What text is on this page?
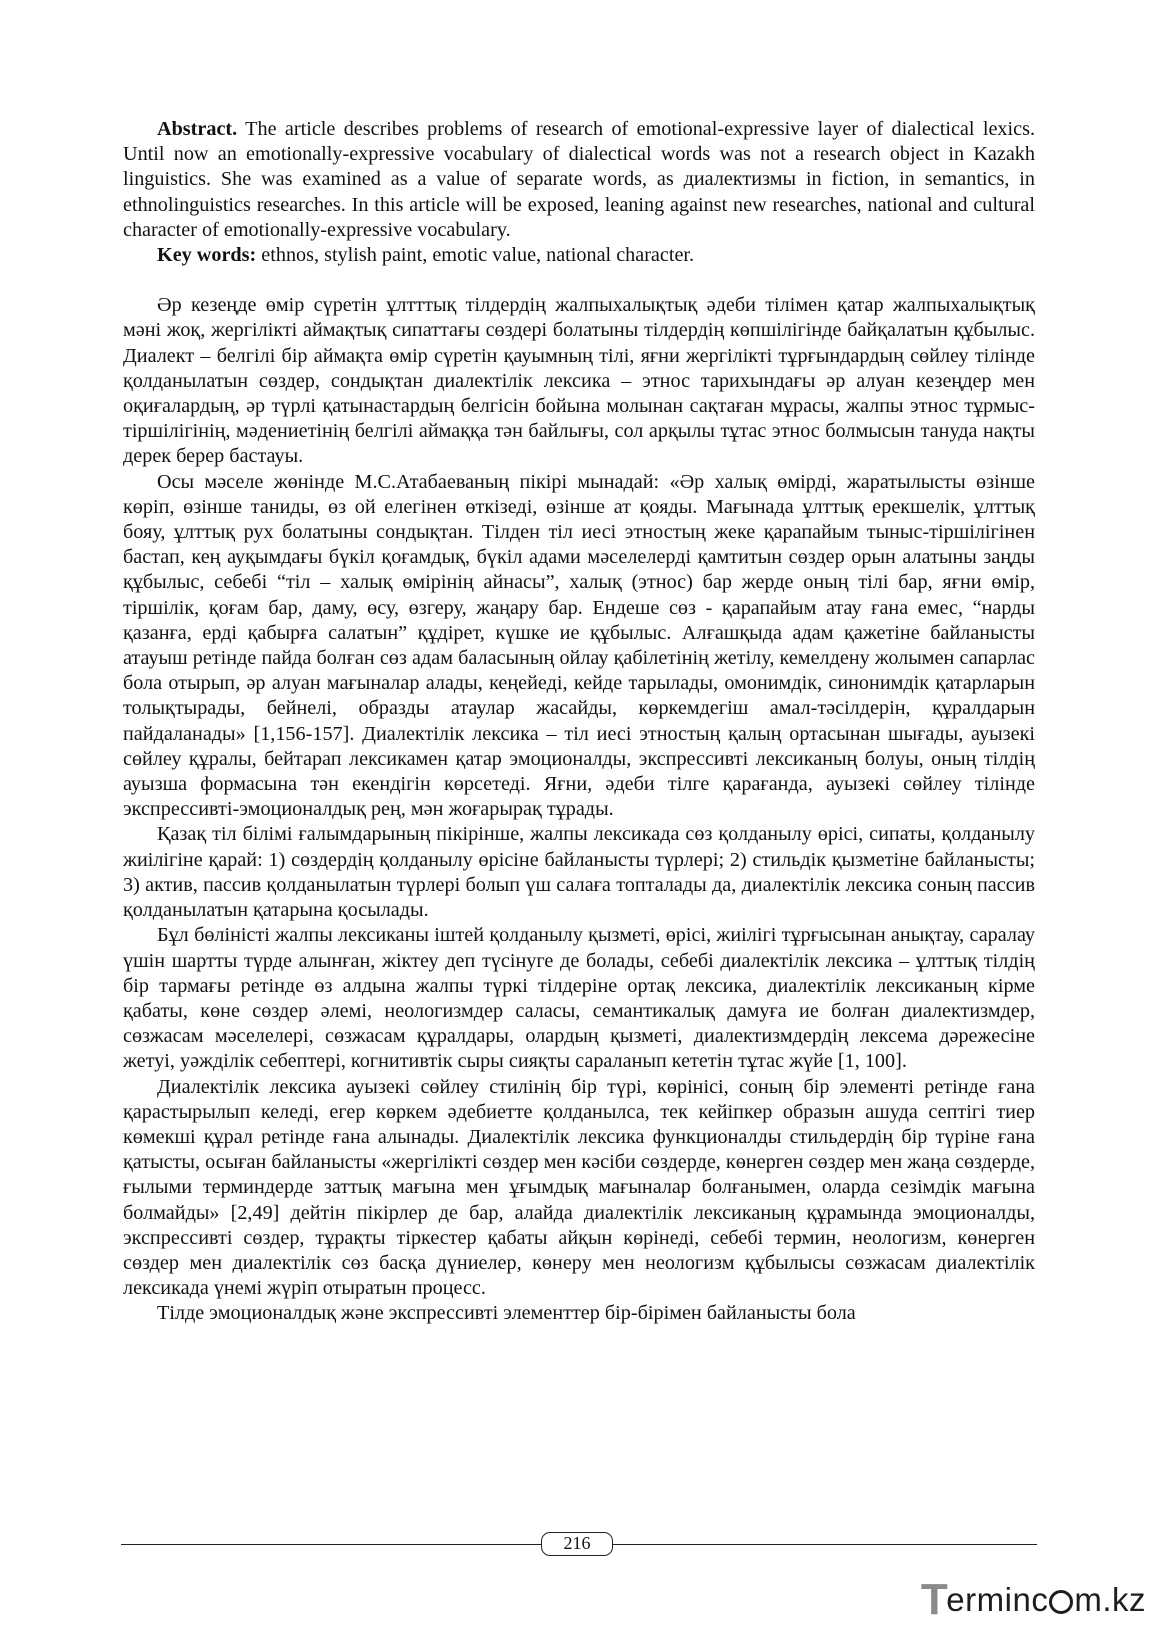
Abstract. The article describes problems of research of emotional-expressive layer of dialectical lexics. Until now an emotionally-expressive vocabulary of dialectical words was not a research object in Kazakh linguistics. She was examined as a value of separate words, as диалектизмы in fiction, in semantics, in ethnolinguistics researches. In this article will be exposed, leaning against new researches, national and cultural character of emotionally-expressive vocabulary.

Key words: ethnos, stylish paint, emotic value, national character.

Әр кезеңде өмір сүретін ұлтттық тілдердің жалпыхалықтық әдеби тілімен қатар жалпыхалықтық мәні жоқ, жергілікті аймақтық сипаттағы сөздері болатыны тілдердің көпшілігінде байқалатын құбылыс. Диалект – белгілі бір аймақта өмір сүретін қауымның тілі, яғни жергілікті тұрғындардың сөйлеу тілінде қолданылатын сөздер, сондықтан диалектілік лексика – этнос тарихындағы әр алуан кезеңдер мен оқиғалардың, әр түрлі қатынастардың белгісін бойына молынан сақтаған мұрасы, жалпы этнос тұрмыс-тіршілігінің, мәдениетінің белгілі аймаққа тән байлығы, сол арқылы тұтас этнос болмысын тануда нақты дерек берер бастауы.

Осы мәселе жөнінде М.С.Атабаеваның пікірі мынадай: «Әр халық өмірді, жаратылысты өзінше көріп, өзінше таниды, өз ой елегінен өткізеді, өзінше ат қояды. Мағынада ұлттық ерекшелік, ұлттық бояу, ұлттық рух болатыны сондықтан. Тілден тіл иесі этностың жеке қарапайым тыныс-тіршілігінен бастап, кең ауқымдағы бүкіл қоғамдық, бүкіл адами мәселелерді қамтитын сөздер орын алатыны заңды құбылыс, себебі “тіл – халық өмірінің айнасы”, халық (этнос) бар жерде оның тілі бар, яғни өмір, тіршілік, қоғам бар, даму, өсу, өзгеру, жаңару бар. Ендеше сөз - қарапайым атау ғана емес, “нарды қазанға, ерді қабырға салатын” құдірет, күшке ие құбылыс. Алғашқыда адам қажетіне байланысты атауыш ретінде пайда болған сөз адам баласының ойлау қабілетінің жетілу, кемелдену жолымен сапарлас бола отырып, әр алуан мағыналар алады, кеңейеді, кейде тарылады, омонимдік, синонимдік қатарларын толықтырады, бейнелі, образды атаулар жасайды, көркемдегіш амал-тәсілдерін, құралдарын пайдаланады» [1,156-157]. Диалектілік лексика – тіл иесі этностың қалың ортасынан шығады, ауызекі сөйлеу құралы, бейтарап лексикамен қатар эмоционалды, экспрессивті лексиканың болуы, оның тілдің ауызша формасына тән екендігін көрсетеді. Яғни, әдеби тілге қарағанда, ауызекі сөйлеу тілінде экспрессивті-эмоционалдық рең, мән жоғарырақ тұрады.

Қазақ тіл білімі ғалымдарының пікірінше, жалпы лексикада сөз қолданылу өрісі, сипаты, қолданылу жиілігіне қарай: 1) сөздердің қолданылу өрісіне байланысты түрлері; 2) стильдік қызметіне байланысты; 3) актив, пассив қолданылатын түрлері болып үш салаға топталады да, диалектілік лексика соның пассив қолданылатын қатарына қосылады.

Бұл бөліністі жалпы лексиканы іштей қолданылу қызметі, өрісі, жиілігі тұрғысынан анықтау, саралау үшін шартты түрде алынған, жіктеу деп түсінуге де болады, себебі диалектілік лексика – ұлттық тілдің бір тармағы ретінде өз алдына жалпы түркі тілдеріне ортақ лексика, диалектілік лексиканың кірме қабаты, көне сөздер әлемі, неологизмдер саласы, семантикалық дамуға ие болған диалектизмдер, сөзжасам мәселелері, сөзжасам құралдары, олардың қызметі, диалектизмдердің лексема дәрежесіне жетуі, уәжділік себептері, когнитивтік сыры сияқты сараланып кететін тұтас жүйе [1, 100].

Диалектілік лексика ауызекі сөйлеу стилінің бір түрі, көрінісі, соның бір элементі ретінде ғана қарастырылып келеді, егер көркем әдебиетте қолданылса, тек кейіпкер образын ашуда септігі тиер көмекші құрал ретінде ғана алынады. Диалектілік лексика функционалды стильдердің бір түріне ғана қатысты, осыған байланысты «жергілікті сөздер мен кәсіби сөздерде, көнерген сөздер мен жаңа сөздерде, ғылыми терминдерде заттық мағына мен ұғымдық мағыналар болғанымен, оларда сезімдік мағына болмайды» [2,49] дейтін пікірлер де бар, алайда диалектілік лексиканың құрамында эмоционалды, экспрессивті сөздер, тұрақты тіркестер қабаты айқын көрінеді, себебі термин, неологизм, көнерген сөздер мен диалектілік сөз басқа дүниелер, көнеру мен неологизм құбылысы сөзжасам диалектілік лексикада үнемі жүріп отыратын процесс.

Тілде эмоционалдық және экспрессивті элементтер бір-бірімен байланысты бола

216
T
erminc m.kz
